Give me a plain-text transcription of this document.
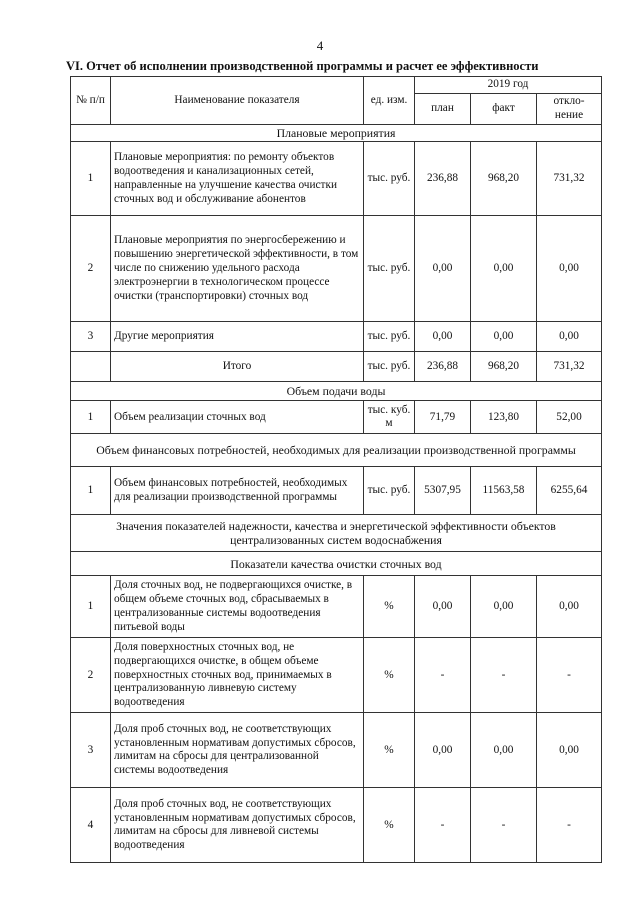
4
VI. Отчет об исполнении производственной программы и расчет ее эффективности
№ п/п	Наименование показателя	ед. изм.	2019 год		
			план	факт	откло-нение
Плановые мероприятия					
1	Плановые мероприятия: по ремонту объектов водоотведения и канализационных сетей, направленные на улучшение качества очистки сточных вод и обслуживание абонентов	тыс. руб.	236,88	968,20	731,32
2	Плановые мероприятия по энергосбережению и повышению энергетической эффективности, в том числе по снижению удельного расхода электроэнергии в технологическом процессе очистки (транспортировки) сточных вод	тыс. руб.	0,00	0,00	0,00
3	Другие мероприятия	тыс. руб.	0,00	0,00	0,00
	Итого	тыс. руб.	236,88	968,20	731,32
Объем подачи воды					
1	Объем реализации сточных вод	тыс. куб. м	71,79	123,80	52,00
Объем финансовых потребностей, необходимых для реализации производственной программы					
1	Объем финансовых потребностей, необходимых для реализации производственной программы	тыс. руб.	5307,95	11563,58	6255,64
Значения показателей надежности, качества и энергетической эффективности объектов централизованных систем водоснабжения					
Показатели качества очистки сточных вод					
1	Доля сточных вод, не подвергающихся очистке, в общем объеме сточных вод, сбрасываемых в централизованные системы водоотведения питьевой воды	%	0,00	0,00	0,00
2	Доля поверхностных сточных вод, не подвергающихся очистке, в общем объеме поверхностных сточных вод, принимаемых в централизованную ливневую систему водоотведения	%	-	-	-
3	Доля проб сточных вод, не соответствующих установленным нормативам допустимых сбросов, лимитам на сбросы для централизованной системы водоотведения	%	0,00	0,00	0,00
4	Доля проб сточных вод, не соответствующих установленным нормативам допустимых сбросов, лимитам на сбросы для ливневой системы водоотведения	%	-	-	-
